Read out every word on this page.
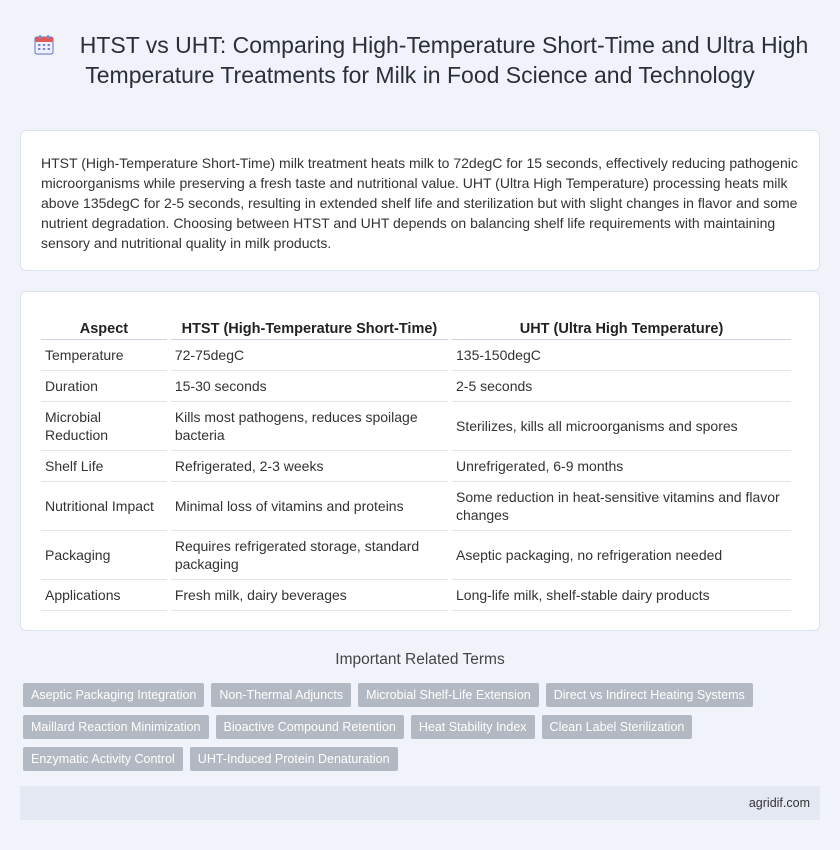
HTST vs UHT: Comparing High-Temperature Short-Time and Ultra High Temperature Treatments for Milk in Food Science and Technology

HTST (High-Temperature Short-Time) milk treatment heats milk to 72degC for 15 seconds, effectively reducing pathogenic microorganisms while preserving a fresh taste and nutritional value. UHT (Ultra High Temperature) processing heats milk above 135degC for 2-5 seconds, resulting in extended shelf life and sterilization but with slight changes in flavor and some nutrient degradation. Choosing between HTST and UHT depends on balancing shelf life requirements with maintaining sensory and nutritional quality in milk products.

Aspect	HTST (High-Temperature Short-Time)	UHT (Ultra High Temperature)
Temperature	72-75degC	135-150degC
Duration	15-30 seconds	2-5 seconds
Microbial Reduction	Kills most pathogens, reduces spoilage bacteria	Sterilizes, kills all microorganisms and spores
Shelf Life	Refrigerated, 2-3 weeks	Unrefrigerated, 6-9 months
Nutritional Impact	Minimal loss of vitamins and proteins	Some reduction in heat-sensitive vitamins and flavor changes
Packaging	Requires refrigerated storage, standard packaging	Aseptic packaging, no refrigeration needed
Applications	Fresh milk, dairy beverages	Long-life milk, shelf-stable dairy products
Important Related Terms
Aseptic Packaging Integration	Non-Thermal Adjuncts	Microbial Shelf-Life Extension	Direct vs Indirect Heating Systems
Maillard Reaction Minimization	Bioactive Compound Retention	Heat Stability Index	Clean Label Sterilization
Enzymatic Activity Control	UHT-Induced Protein Denaturation
agridif.com
